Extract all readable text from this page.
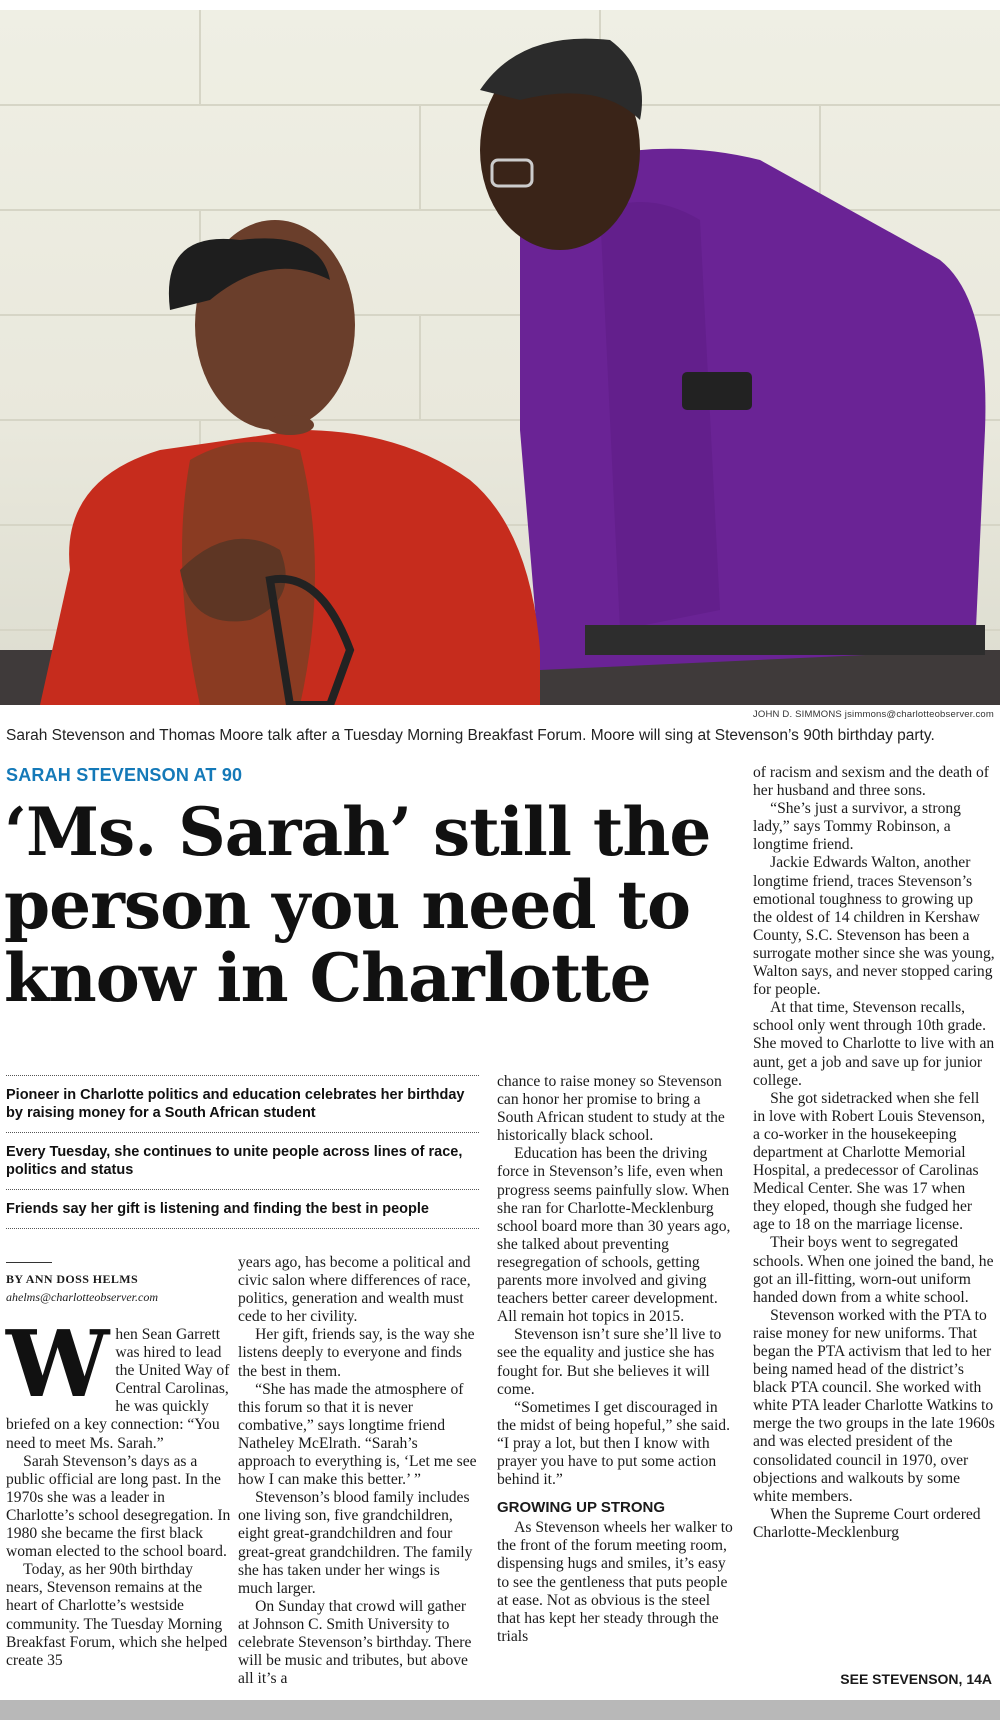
JOHN D. SIMMONS jsimmons@charlotteobserver.com
Sarah Stevenson and Thomas Moore talk after a Tuesday Morning Breakfast Forum. Moore will sing at Stevenson’s 90th birthday party.
SARAH STEVENSON AT 90
‘Ms. Sarah’ still the person you need to know in Charlotte
Pioneer in Charlotte politics and education celebrates her birthday by raising money for a South African student
Every Tuesday, she continues to unite people across lines of race, politics and status
Friends say her gift is listening and finding the best in people
BY ANN DOSS HELMS
ahelms@charlotteobserver.com
W hen Sean Garrett was hired to lead the United Way of Central Carolinas, he was quickly briefed on a key connection: “You need to meet Ms. Sarah.”

Sarah Stevenson’s days as a public official are long past. In the 1970s she was a leader in Charlotte’s school desegregation. In 1980 she became the first black woman elected to the school board.

Today, as her 90th birthday nears, Stevenson remains at the heart of Charlotte’s westside community. The Tuesday Morning Breakfast Forum, which she helped create 35

years ago, has become a political and civic salon where differences of race, politics, generation and wealth must cede to her civility.

Her gift, friends say, is the way she listens deeply to everyone and finds the best in them.

“She has made the atmosphere of this forum so that it is never combative,” says longtime friend Natheley McElrath. “Sarah’s approach to everything is, ‘Let me see how I can make this better.’ ”

Stevenson’s blood family includes one living son, five grandchildren, eight great-grandchildren and four great-great grandchildren. The family she has taken under her wings is much larger.

On Sunday that crowd will gather at Johnson C. Smith University to celebrate Stevenson’s birthday. There will be music and tributes, but above all it’s a

chance to raise money so Stevenson can honor her promise to bring a South African student to study at the historically black school.

Education has been the driving force in Stevenson’s life, even when progress seems painfully slow. When she ran for Charlotte-Mecklenburg school board more than 30 years ago, she talked about preventing resegregation of schools, getting parents more involved and giving teachers better career development. All remain hot topics in 2015.

Stevenson isn’t sure she’ll live to see the equality and justice she has fought for. But she believes it will come.

“Sometimes I get discouraged in the midst of being hopeful,” she said. “I pray a lot, but then I know with prayer you have to put some action behind it.”

GROWING UP STRONG

As Stevenson wheels her walker to the front of the forum meeting room, dispensing hugs and smiles, it’s easy to see the gentleness that puts people at ease. Not as obvious is the steel that has kept her steady through the trials

of racism and sexism and the death of her husband and three sons.

“She’s just a survivor, a strong lady,” says Tommy Robinson, a longtime friend.

Jackie Edwards Walton, another longtime friend, traces Stevenson’s emotional toughness to growing up the oldest of 14 children in Kershaw County, S.C. Stevenson has been a surrogate mother since she was young, Walton says, and never stopped caring for people.

At that time, Stevenson recalls, school only went through 10th grade. She moved to Charlotte to live with an aunt, get a job and save up for junior college.

She got sidetracked when she fell in love with Robert Louis Stevenson, a co-worker in the housekeeping department at Charlotte Memorial Hospital, a predecessor of Carolinas Medical Center. She was 17 when they eloped, though she fudged her age to 18 on the marriage license.

Their boys went to segregated schools. When one joined the band, he got an ill-fitting, worn-out uniform handed down from a white school.

Stevenson worked with the PTA to raise money for new uniforms. That began the PTA activism that led to her being named head of the district’s black PTA council. She worked with white PTA leader Charlotte Watkins to merge the two groups in the late 1960s and was elected president of the consolidated council in 1970, over objections and walkouts by some white members.

When the Supreme Court ordered Charlotte-Mecklenburg

SEE STEVENSON, 14A
